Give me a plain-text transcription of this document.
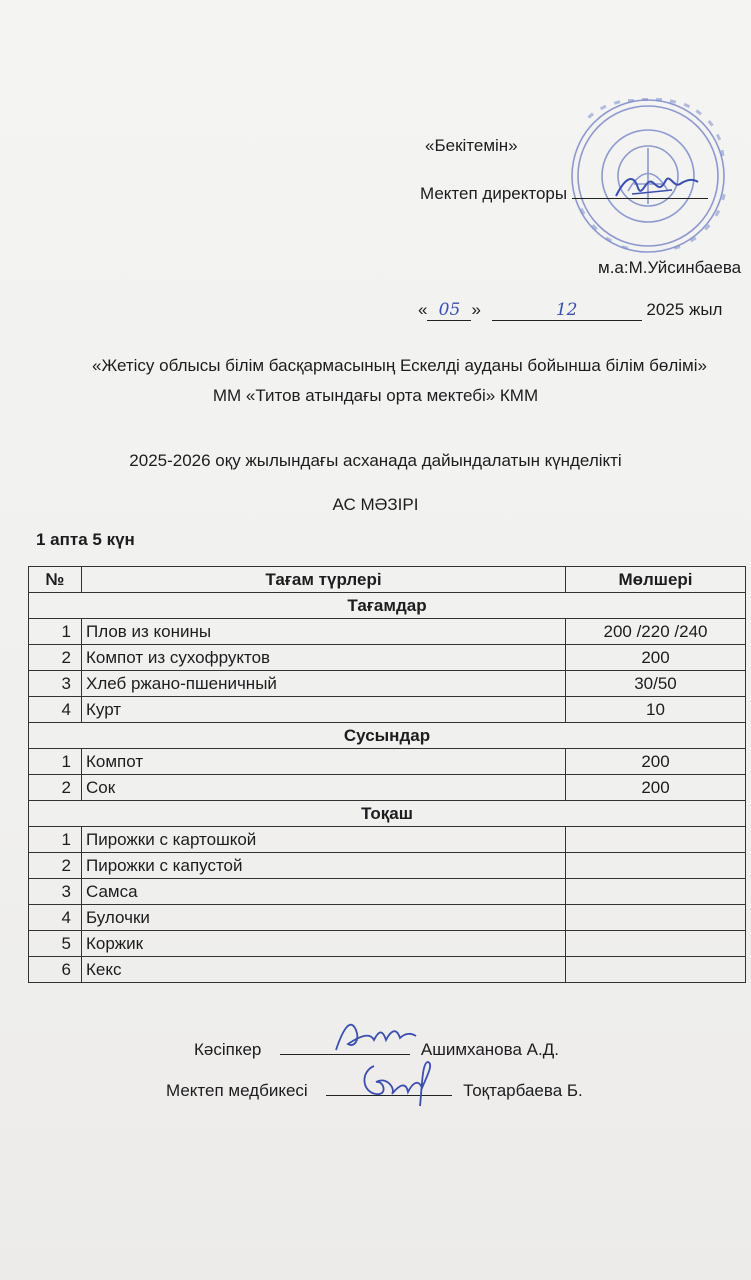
«Бекітемін»
Мектеп директоры
м.а:М.Уйсинбаева
« 05 »	12	2025 жыл
«Жетісу облысы білім басқармасының Ескелді ауданы бойынша білім бөлімі»
ММ «Титов атындағы орта мектебі» КММ
2025-2026 оқу жылындағы асханада дайындалатын күнделікті
АС МӘЗІРІ
1 апта 5 күн
№	Тағам түрлері	Мөлшері
Тағамдар		
1	Плов из конины	200 /220 /240
2	Компот из сухофруктов	200
3	Хлеб ржано-пшеничный	30/50
4	Курт	10
Сусындар		
1	Компот	200
2	Сок	200
Тоқаш		
1	Пирожки с картошкой	
2	Пирожки с капустой	
3	Самса	
4	Булочки	
5	Коржик	
6	Кекс	
Кәсіпкер	Ашимханова А.Д.
Мектеп медбикесі	Тоқтарбаева Б.
